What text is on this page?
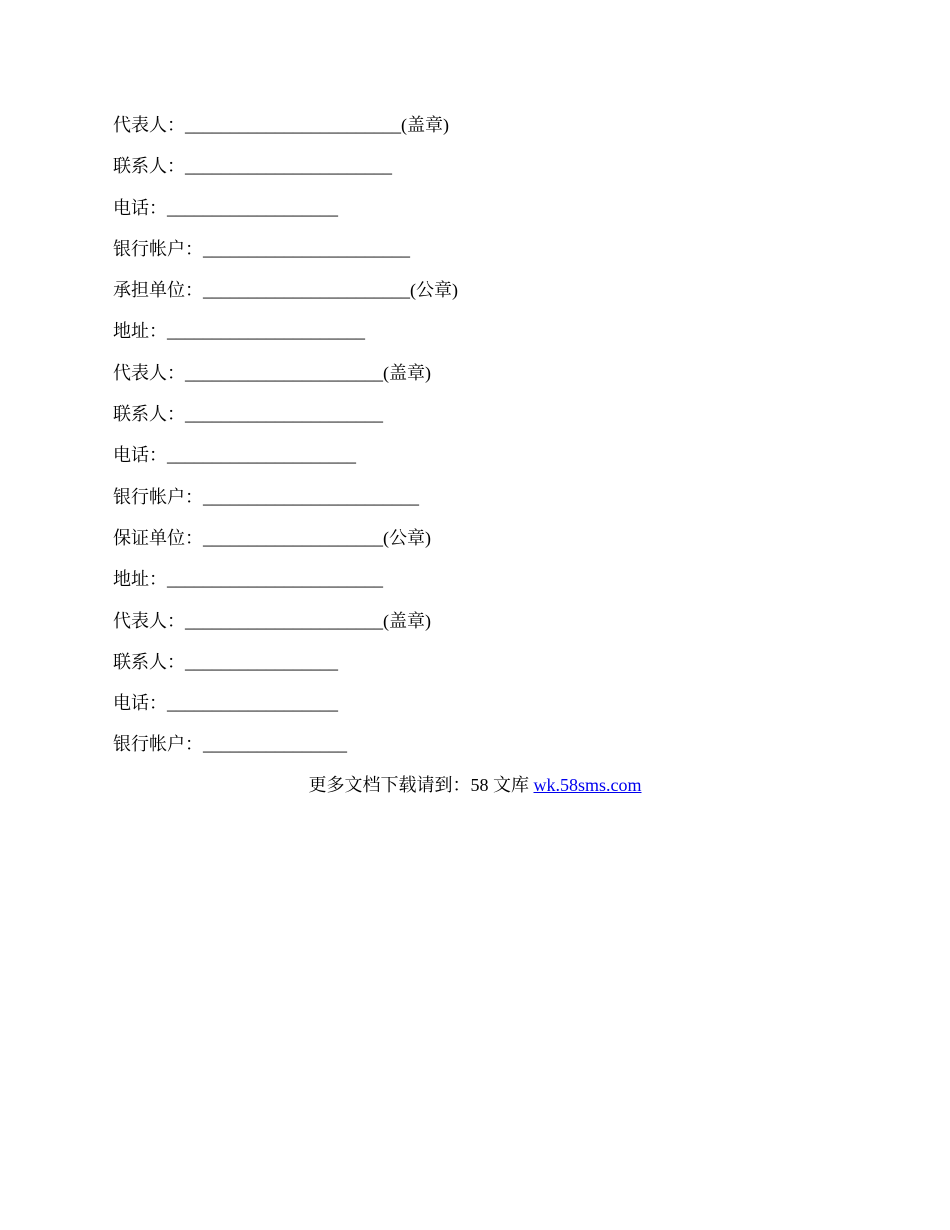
代表人：________________________(盖章)
联系人：_______________________
电话：___________________
银行帐户：_______________________
承担单位：_______________________(公章)
地址：______________________
代表人：______________________(盖章)
联系人：______________________
电话：_____________________
银行帐户：________________________
保证单位：____________________(公章)
地址：________________________
代表人：______________________(盖章)
联系人：_________________
电话：___________________
银行帐户：________________
更多文档下载请到：58 文库 wk.58sms.com
